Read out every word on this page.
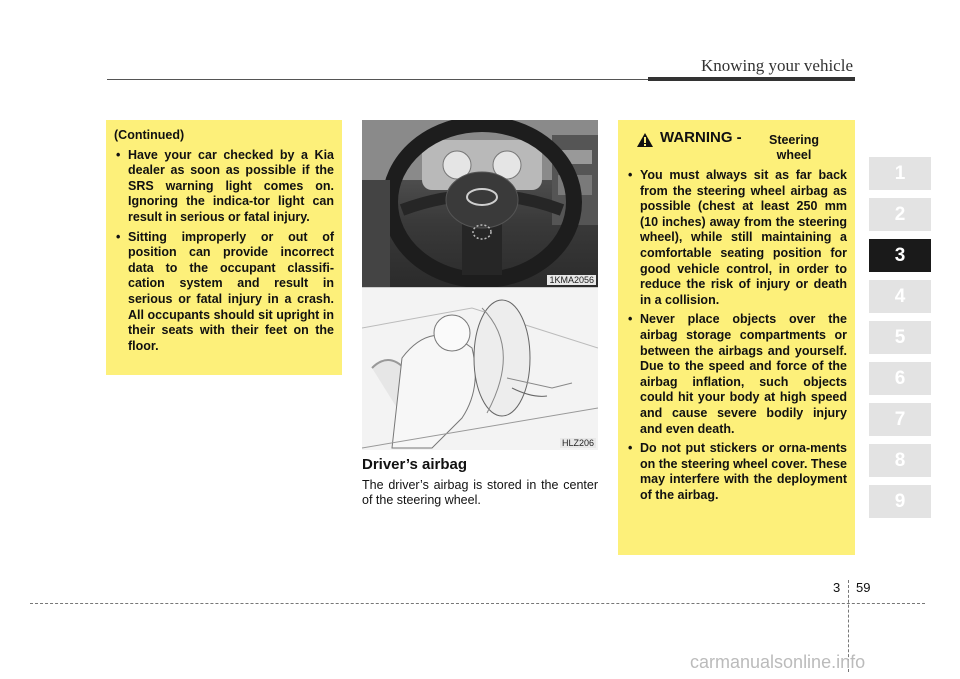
Knowing your vehicle
(Continued)
• Have your car checked by a Kia dealer as soon as possible if the SRS warning light comes on. Ignoring the indica-tor light can result in serious or fatal injury.
• Sitting improperly or out of position can provide incorrect data to the occupant classifi-cation system and result in serious or fatal injury in a crash. All occupants should sit upright in their seats with their feet on the floor.
1KMA2056
HLZ206
Driver’s airbag
The driver’s airbag is stored in the center of the steering wheel.
WARNING -	Steering wheel
• You must always sit as far back from the steering wheel airbag as possible (chest at least 250 mm (10 inches) away from the steering wheel), while still maintaining a comfortable seating position for good vehicle control, in order to reduce the risk of injury or death in a collision.
• Never place objects over the airbag storage compartments or between the airbags and yourself. Due to the speed and force of the airbag inflation, such objects could hit your body at high speed and cause severe bodily injury and even death.
• Do not put stickers or orna-ments on the steering wheel cover. These may interfere with the deployment of the airbag.
1
2
3
4
5
6
7
8
9
3 59
carmanualsonline.info
